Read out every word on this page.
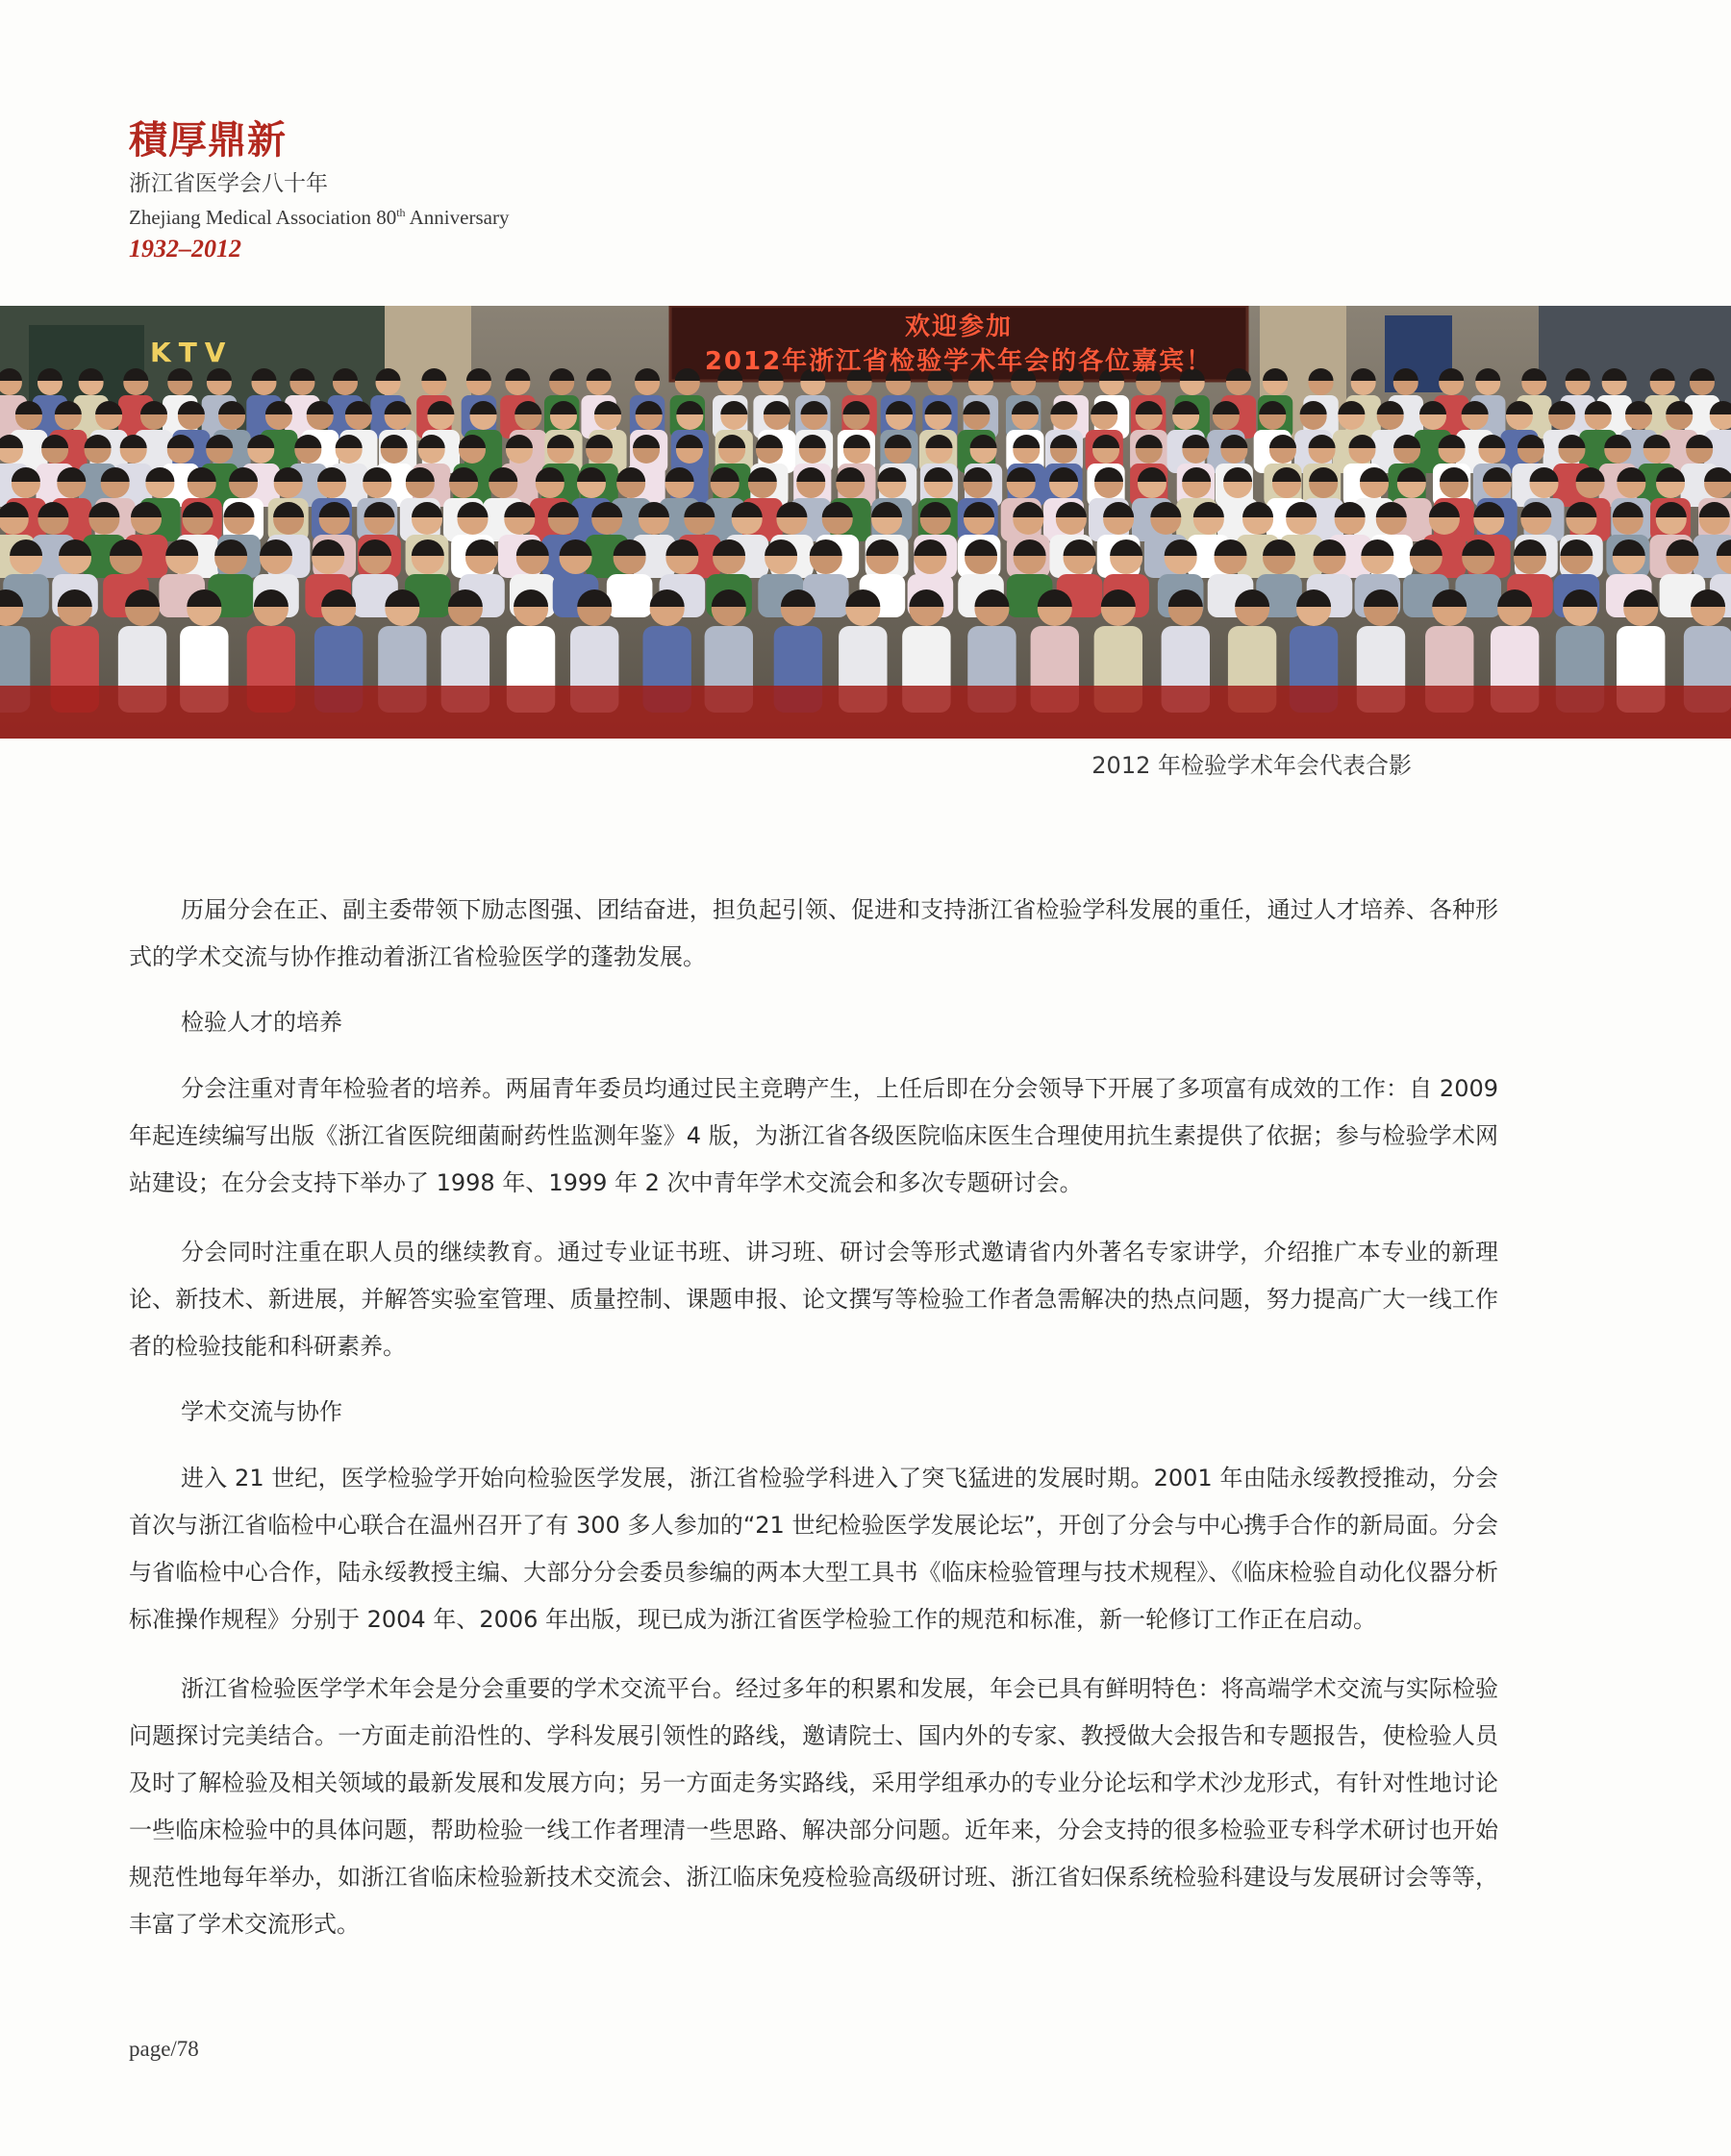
積厚鼎新
浙江省医学会八十年
Zhejiang Medical Association 80th Anniversary
1932–2012
欢迎参加
2012年浙江省检验学术年会的各位嘉宾！
KTV
2012 年检验学术年会代表合影

历届分会在正、副主委带领下励志图强、团结奋进，担负起引领、促进和支持浙江省检验学科发展的重任，通过人才培养、各种形式的学术交流与协作推动着浙江省检验医学的蓬勃发展。

检验人才的培养

分会注重对青年检验者的培养。两届青年委员均通过民主竞聘产生，上任后即在分会领导下开展了多项富有成效的工作：自 2009 年起连续编写出版《浙江省医院细菌耐药性监测年鉴》4 版，为浙江省各级医院临床医生合理使用抗生素提供了依据；参与检验学术网站建设；在分会支持下举办了 1998 年、1999 年 2 次中青年学术交流会和多次专题研讨会。

分会同时注重在职人员的继续教育。通过专业证书班、讲习班、研讨会等形式邀请省内外著名专家讲学，介绍推广本专业的新理论、新技术、新进展，并解答实验室管理、质量控制、课题申报、论文撰写等检验工作者急需解决的热点问题，努力提高广大一线工作者的检验技能和科研素养。

学术交流与协作

进入 21 世纪，医学检验学开始向检验医学发展，浙江省检验学科进入了突飞猛进的发展时期。2001 年由陆永绥教授推动，分会首次与浙江省临检中心联合在温州召开了有 300 多人参加的“21 世纪检验医学发展论坛”，开创了分会与中心携手合作的新局面。分会与省临检中心合作，陆永绥教授主编、大部分分会委员参编的两本大型工具书《临床检验管理与技术规程》、《临床检验自动化仪器分析标准操作规程》分别于 2004 年、2006 年出版，现已成为浙江省医学检验工作的规范和标准，新一轮修订工作正在启动。

浙江省检验医学学术年会是分会重要的学术交流平台。经过多年的积累和发展，年会已具有鲜明特色：将高端学术交流与实际检验问题探讨完美结合。一方面走前沿性的、学科发展引领性的路线，邀请院士、国内外的专家、教授做大会报告和专题报告，使检验人员及时了解检验及相关领域的最新发展和发展方向；另一方面走务实路线，采用学组承办的专业分论坛和学术沙龙形式，有针对性地讨论一些临床检验中的具体问题，帮助检验一线工作者理清一些思路、解决部分问题。近年来，分会支持的很多检验亚专科学术研讨也开始规范性地每年举办，如浙江省临床检验新技术交流会、浙江临床免疫检验高级研讨班、浙江省妇保系统检验科建设与发展研讨会等等，丰富了学术交流形式。

page/78
